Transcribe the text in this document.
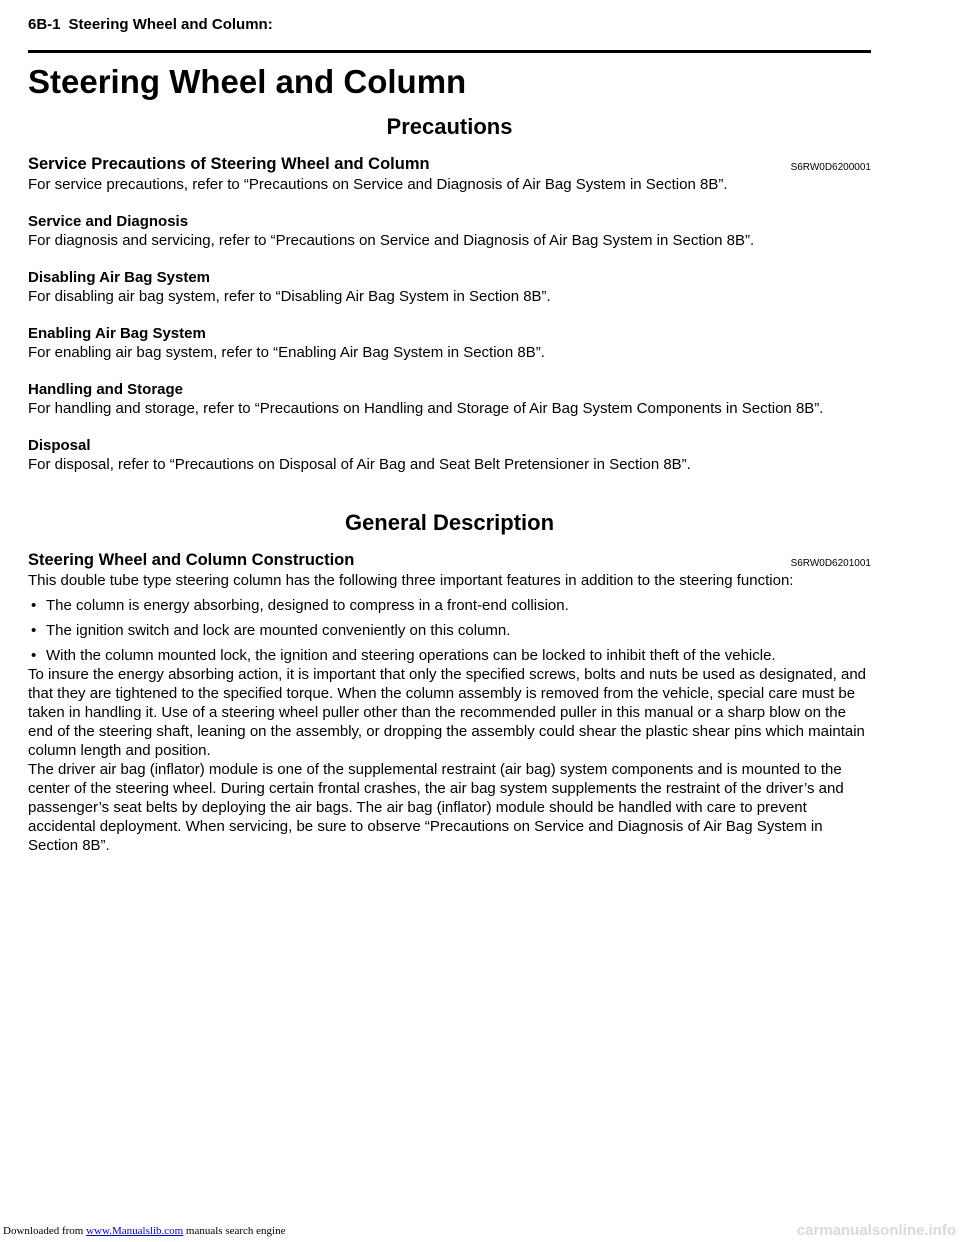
6B-1 Steering Wheel and Column:
Steering Wheel and Column
Precautions
Service Precautions of Steering Wheel and Column	S6RW0D6200001

For service precautions, refer to “Precautions on Service and Diagnosis of Air Bag System in Section 8B”.

Service and Diagnosis

For diagnosis and servicing, refer to “Precautions on Service and Diagnosis of Air Bag System in Section 8B”.

Disabling Air Bag System

For disabling air bag system, refer to “Disabling Air Bag System in Section 8B”.

Enabling Air Bag System

For enabling air bag system, refer to “Enabling Air Bag System in Section 8B”.

Handling and Storage

For handling and storage, refer to “Precautions on Handling and Storage of Air Bag System Components in Section 8B”.

Disposal

For disposal, refer to “Precautions on Disposal of Air Bag and Seat Belt Pretensioner in Section 8B”.

General Description
Steering Wheel and Column Construction	S6RW0D6201001

This double tube type steering column has the following three important features in addition to the steering function:

• The column is energy absorbing, designed to compress in a front-end collision.
• The ignition switch and lock are mounted conveniently on this column.
• With the column mounted lock, the ignition and steering operations can be locked to inhibit theft of the vehicle.

To insure the energy absorbing action, it is important that only the specified screws, bolts and nuts be used as designated, and that they are tightened to the specified torque. When the column assembly is removed from the vehicle, special care must be taken in handling it. Use of a steering wheel puller other than the recommended puller in this manual or a sharp blow on the end of the steering shaft, leaning on the assembly, or dropping the assembly could shear the plastic shear pins which maintain column length and position.

The driver air bag (inflator) module is one of the supplemental restraint (air bag) system components and is mounted to the center of the steering wheel. During certain frontal crashes, the air bag system supplements the restraint of the driver’s and passenger’s seat belts by deploying the air bags. The air bag (inflator) module should be handled with care to prevent accidental deployment. When servicing, be sure to observe “Precautions on Service and Diagnosis of Air Bag System in Section 8B”.

Downloaded from www.Manualslib.com manuals search engine	carmanualsonline.info
